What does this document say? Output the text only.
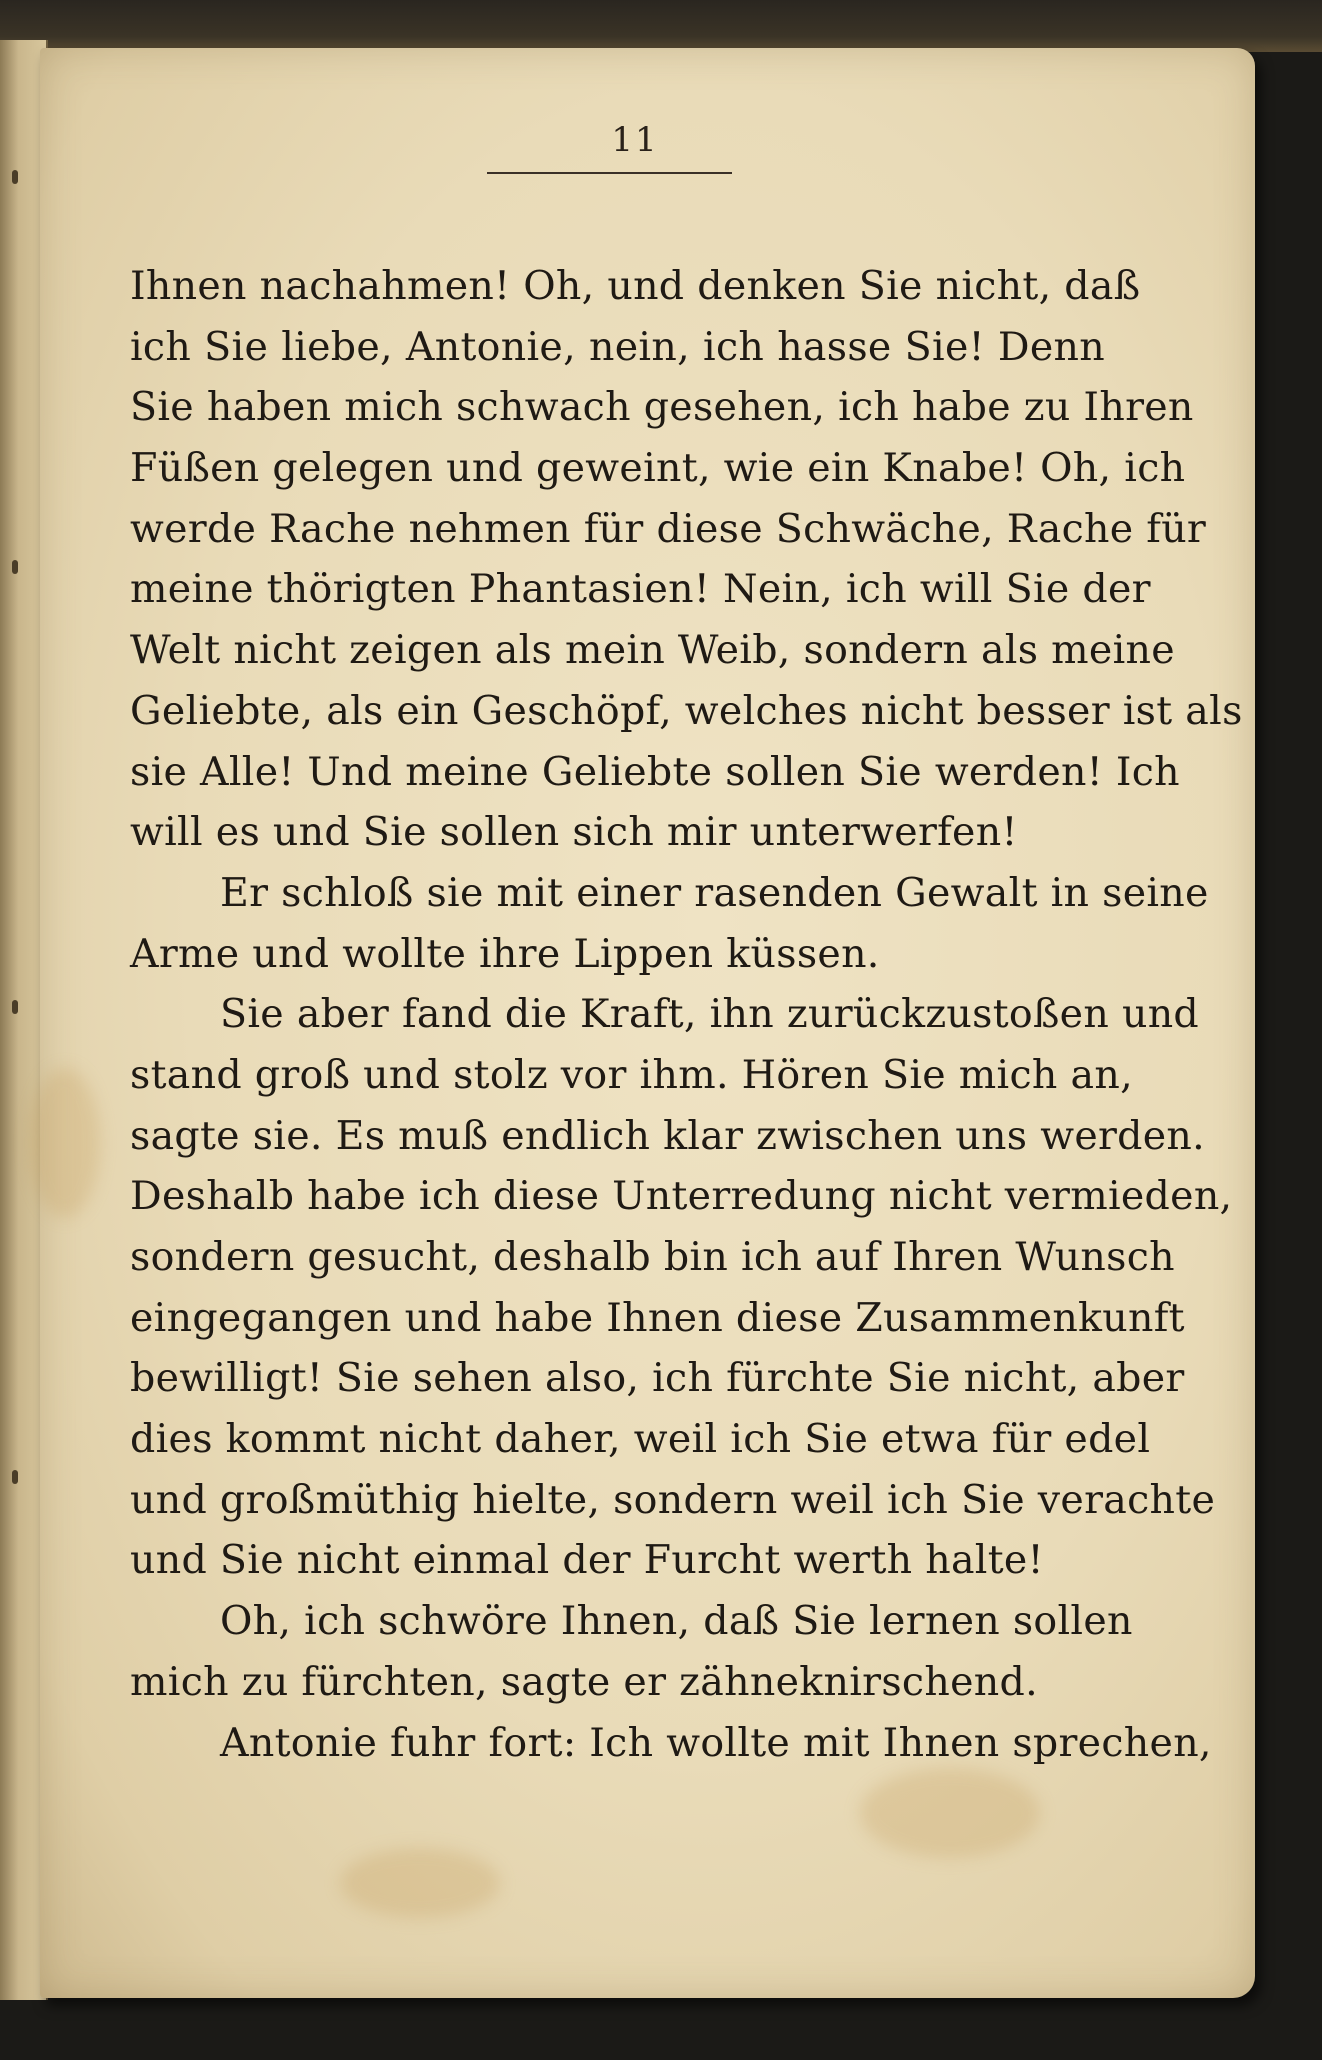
11
Ihnen nachahmen! Oh, und denken Sie nicht, daß
ich Sie liebe, Antonie, nein, ich hasse Sie! Denn
Sie haben mich schwach gesehen, ich habe zu Ihren
Füßen gelegen und geweint, wie ein Knabe! Oh, ich
werde Rache nehmen für diese Schwäche, Rache für
meine thörigten Phantasien! Nein, ich will Sie der
Welt nicht zeigen als mein Weib, sondern als meine
Geliebte, als ein Geschöpf, welches nicht besser ist als
sie Alle! Und meine Geliebte sollen Sie werden! Ich
will es und Sie sollen sich mir unterwerfen!
Er schloß sie mit einer rasenden Gewalt in seine
Arme und wollte ihre Lippen küssen.
Sie aber fand die Kraft, ihn zurückzustoßen und
stand groß und stolz vor ihm. Hören Sie mich an,
sagte sie. Es muß endlich klar zwischen uns werden.
Deshalb habe ich diese Unterredung nicht vermieden,
sondern gesucht, deshalb bin ich auf Ihren Wunsch
eingegangen und habe Ihnen diese Zusammenkunft
bewilligt! Sie sehen also, ich fürchte Sie nicht, aber
dies kommt nicht daher, weil ich Sie etwa für edel
und großmüthig hielte, sondern weil ich Sie verachte
und Sie nicht einmal der Furcht werth halte!
Oh, ich schwöre Ihnen, daß Sie lernen sollen
mich zu fürchten, sagte er zähneknirschend.
Antonie fuhr fort: Ich wollte mit Ihnen sprechen,
